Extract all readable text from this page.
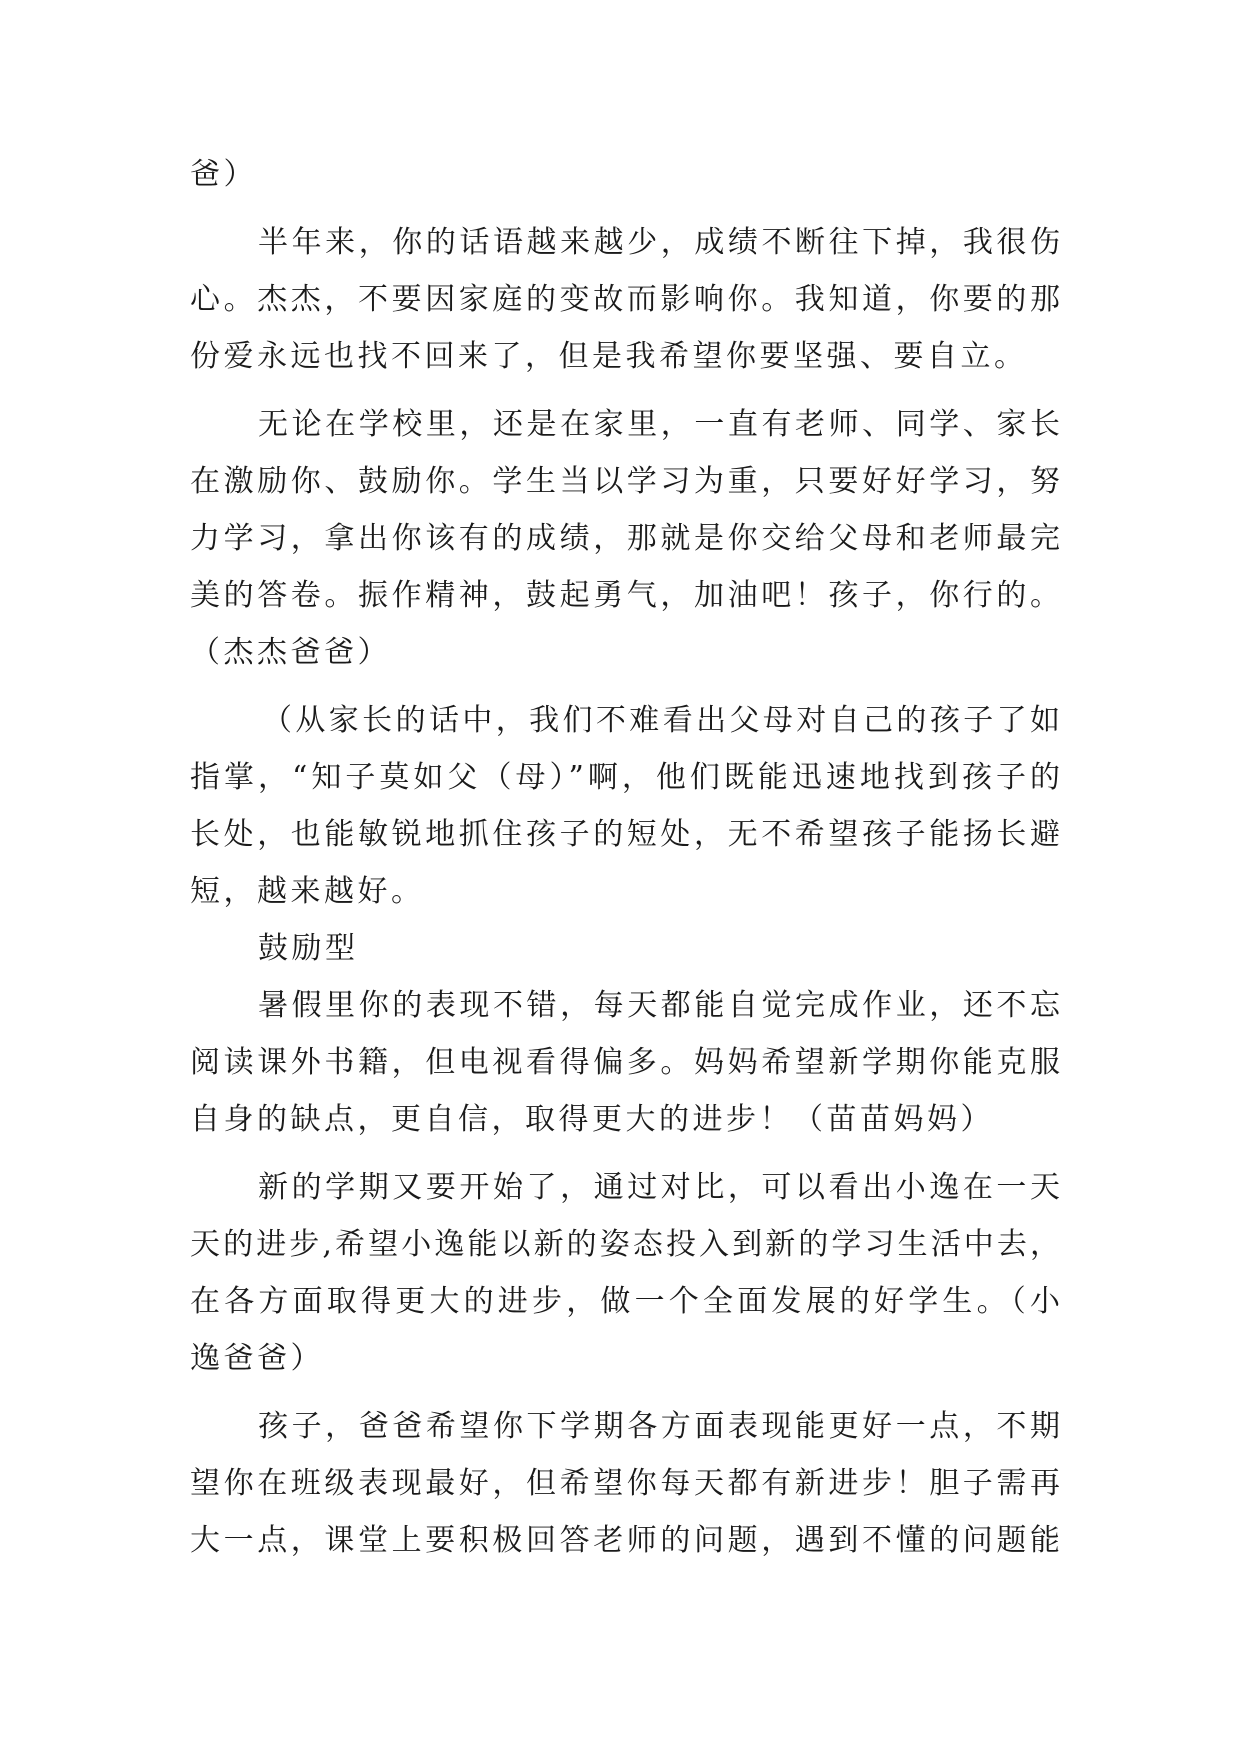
爸）
半年来，你的话语越来越少，成绩不断往下掉，我很伤
心。杰杰，不要因家庭的变故而影响你。我知道，你要的那
份爱永远也找不回来了，但是我希望你要坚强、要自立。
无论在学校里，还是在家里，一直有老师、同学、家长
在激励你、鼓励你。学生当以学习为重，只要好好学习，努
力学习，拿出你该有的成绩，那就是你交给父母和老师最完
美的答卷。振作精神，鼓起勇气，加油吧！孩子，你行的。
（杰杰爸爸）
（从家长的话中，我们不难看出父母对自己的孩子了如
指掌，“知子莫如父（母）”啊，他们既能迅速地找到孩子的
长处，也能敏锐地抓住孩子的短处，无不希望孩子能扬长避
短，越来越好。
鼓励型
暑假里你的表现不错，每天都能自觉完成作业，还不忘
阅读课外书籍，但电视看得偏多。妈妈希望新学期你能克服
自身的缺点，更自信，取得更大的进步！（苗苗妈妈）
新的学期又要开始了，通过对比，可以看出小逸在一天
天的进步,希望小逸能以新的姿态投入到新的学习生活中去，
在各方面取得更大的进步，做一个全面发展的好学生。（小
逸爸爸）
孩子，爸爸希望你下学期各方面表现能更好一点，不期
望你在班级表现最好，但希望你每天都有新进步！胆子需再
大一点，课堂上要积极回答老师的问题，遇到不懂的问题能
